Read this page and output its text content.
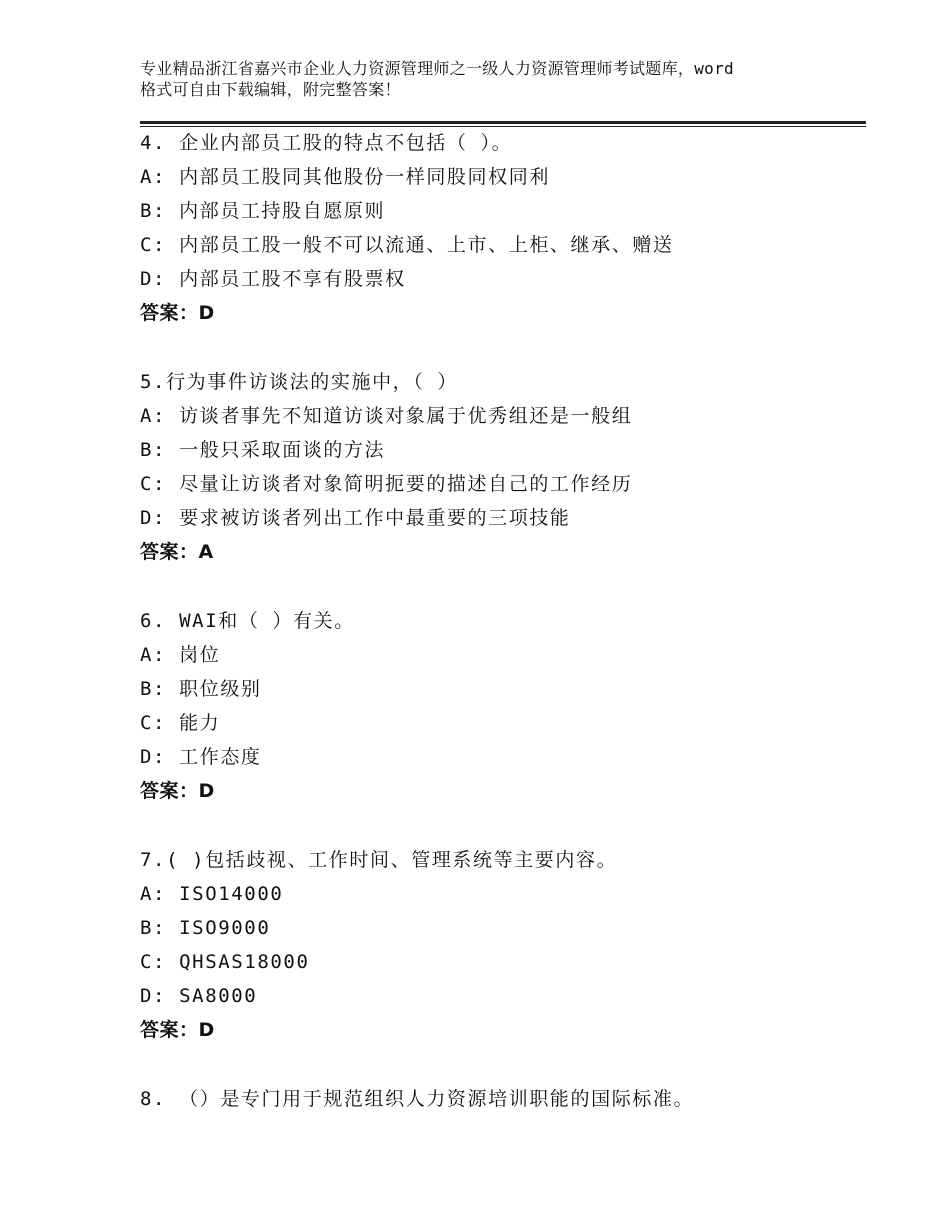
专业精品浙江省嘉兴市企业人力资源管理师之一级人力资源管理师考试题库，word
格式可自由下载编辑，附完整答案！
4. 企业内部员工股的特点不包括（ ）。
A: 内部员工股同其他股份一样同股同权同利
B: 内部员工持股自愿原则
C: 内部员工股一般不可以流通、上市、上柜、继承、赠送
D: 内部员工股不享有股票权
答案：D
5.行为事件访谈法的实施中，（ ）
A: 访谈者事先不知道访谈对象属于优秀组还是一般组
B: 一般只采取面谈的方法
C: 尽量让访谈者对象简明扼要的描述自己的工作经历
D: 要求被访谈者列出工作中最重要的三项技能
答案：A
6. WAI和（ ）有关。
A: 岗位
B: 职位级别
C: 能力
D: 工作态度
答案：D
7.( )包括歧视、工作时间、管理系统等主要内容。
A: ISO14000
B: ISO9000
C: QHSAS18000
D: SA8000
答案：D
8. （）是专门用于规范组织人力资源培训职能的国际标准。
